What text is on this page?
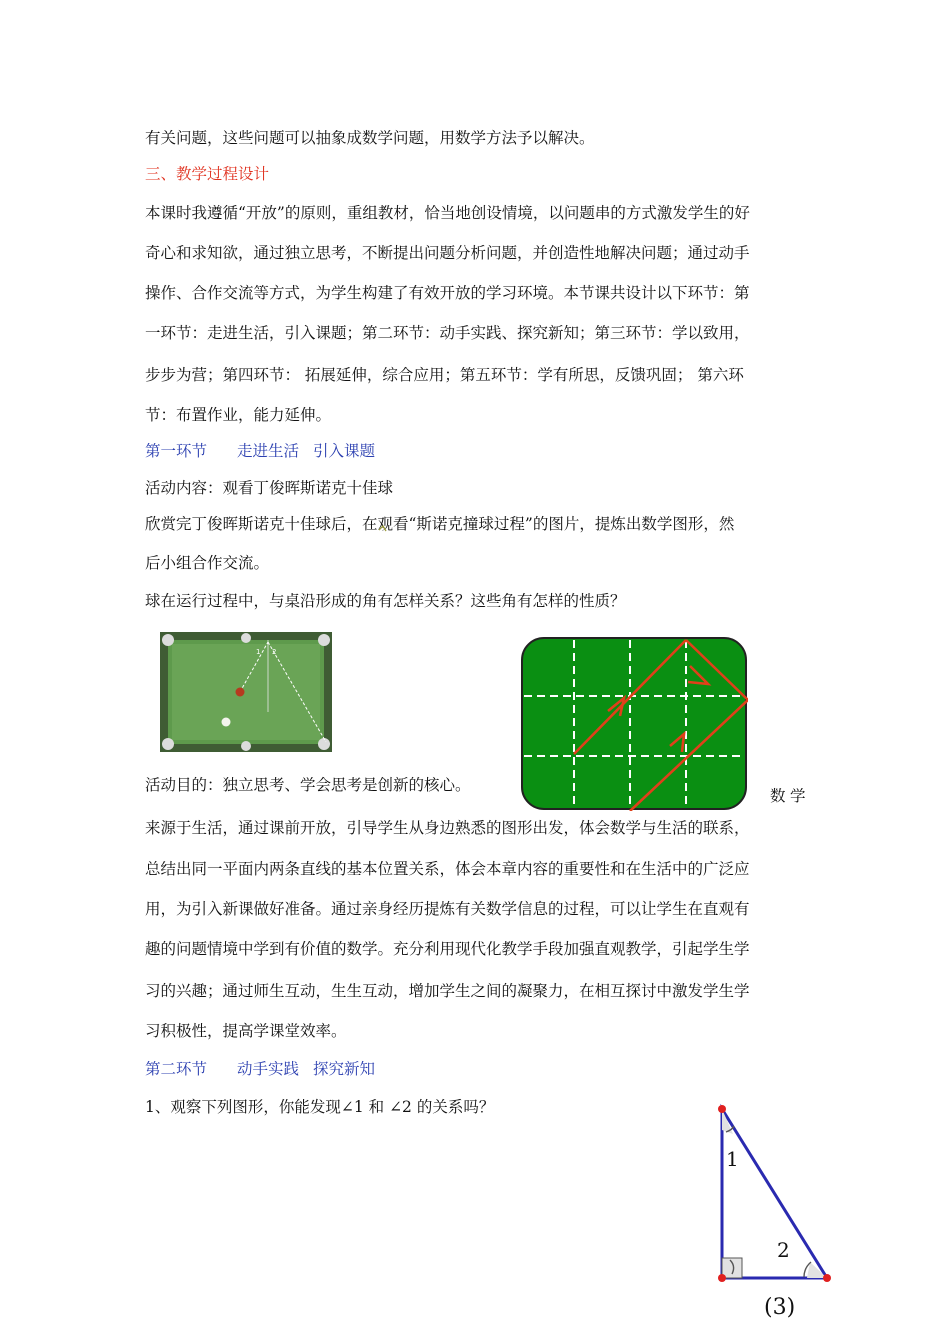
有关问题，这些问题可以抽象成数学问题，用数学方法予以解决。
三、教学过程设计
本课时我遵循“开放”的原则，重组教材，恰当地创设情境，以问题串的方式激发学生的好
奇心和求知欲，通过独立思考，不断提出问题分析问题，并创造性地解决问题；通过动手
操作、合作交流等方式，为学生构建了有效开放的学习环境。本节课共设计以下环节：第
一环节：走进生活，引入课题；第二环节：动手实践、探究新知；第三环节：学以致用，
步步为营；第四环节： 拓展延伸，综合应用；第五环节：学有所思，反馈巩固； 第六环
节：布置作业，能力延伸。
第一环节 走进生活 引入课题
活动内容：观看丁俊晖斯诺克十佳球
欣赏完丁俊晖斯诺克十佳球后，在观看“斯诺克撞球过程”的图片，提炼出数学图形，然
后小组合作交流。
球在运行过程中，与桌沿形成的角有怎样关系？这些角有怎样的性质？
1 2
活动目的：独立思考、学会思考是创新的核心。
数 学
来源于生活，通过课前开放，引导学生从身边熟悉的图形出发，体会数学与生活的联系，
总结出同一平面内两条直线的基本位置关系，体会本章内容的重要性和在生活中的广泛应
用，为引入新课做好准备。通过亲身经历提炼有关数学信息的过程，可以让学生在直观有
趣的问题情境中学到有价值的数学。充分利用现代化教学手段加强直观教学，引起学生学
习的兴趣；通过师生互动，生生互动，增加学生之间的凝聚力，在相互探讨中激发学生学
习积极性，提高学课堂效率。
第二环节 动手实践 探究新知
1、观察下列图形，你能发现∠1 和 ∠2 的关系吗？
1
2
(3)
